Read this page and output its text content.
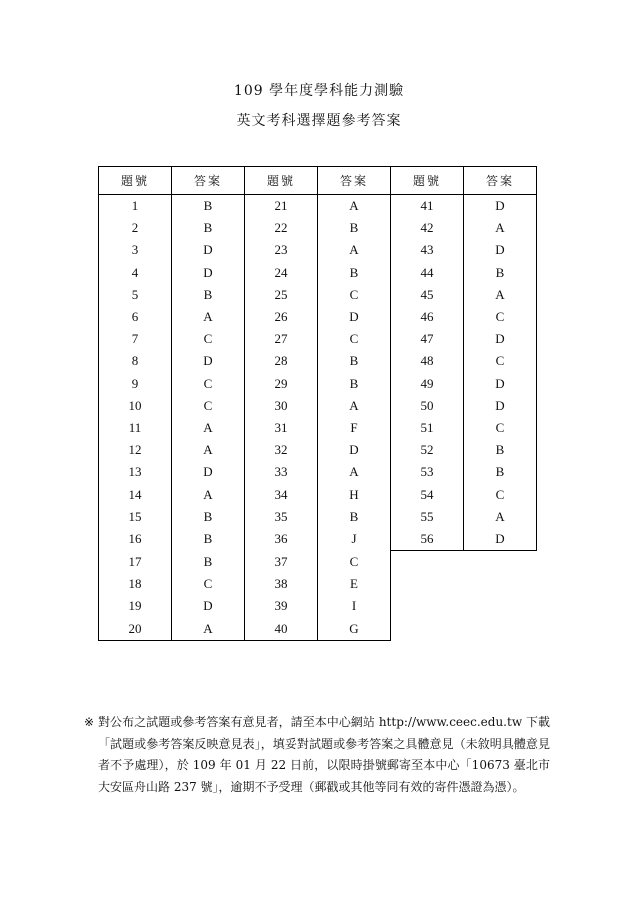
109 學年度學科能力測驗
英文考科選擇題參考答案
題號	答案	題號	答案	題號	答案
1	B	21	A	41	D
2	B	22	B	42	A
3	D	23	A	43	D
4	D	24	B	44	B
5	B	25	C	45	A
6	A	26	D	46	C
7	C	27	C	47	D
8	D	28	B	48	C
9	C	29	B	49	D
10	C	30	A	50	D
11	A	31	F	51	C
12	A	32	D	52	B
13	D	33	A	53	B
14	A	34	H	54	C
15	B	35	B	55	A
16	B	36	J	56	D
17	B	37	C		
18	C	38	E		
19	D	39	I		
20	A	40	G		
※ 對公布之試題或參考答案有意見者，請至本中心網站 http://www.ceec.edu.tw 下載「試題或參考答案反映意見表」，填妥對試題或參考答案之具體意見（未敘明具體意見者不予處理），於 109 年 01 月 22 日前，以限時掛號郵寄至本中心「10673 臺北市大安區舟山路 237 號」，逾期不予受理（郵戳或其他等同有效的寄件憑證為憑）。
